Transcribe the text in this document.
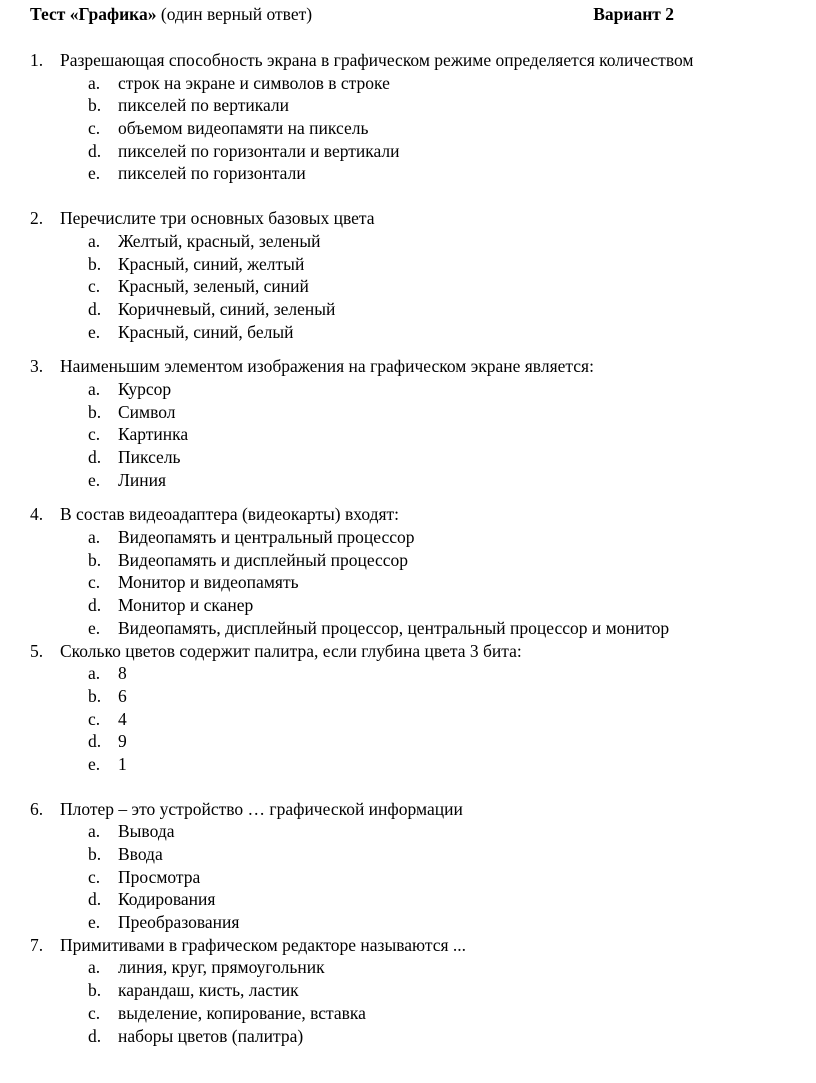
Тест «Графика» (один верный ответ)	Вариант 2
1. Разрешающая способность экрана в графическом режиме определяется количеством
a. строк на экране и символов в строке
b. пикселей по вертикали
c. объемом видеопамяти на пиксель
d. пикселей по горизонтали и вертикали
e. пикселей по горизонтали
2. Перечислите три основных базовых цвета
a. Желтый, красный, зеленый
b. Красный, синий, желтый
c. Красный, зеленый, синий
d. Коричневый, синий, зеленый
e. Красный, синий, белый
3. Наименьшим элементом изображения на графическом экране является:
a. Курсор
b. Символ
c. Картинка
d. Пиксель
e. Линия
4. В состав видеоадаптера (видеокарты) входят:
a. Видеопамять и центральный процессор
b. Видеопамять и дисплейный процессор
c. Монитор и видеопамять
d. Монитор и сканер
e. Видеопамять, дисплейный процессор, центральный процессор и монитор
5. Сколько цветов содержит палитра, если глубина цвета 3 бита:
a. 8
b. 6
c. 4
d. 9
e. 1
6. Плотер – это устройство … графической информации
a. Вывода
b. Ввода
c. Просмотра
d. Кодирования
e. Преобразования
7. Примитивами в графическом редакторе называются ...
a. линия, круг, прямоугольник
b. карандаш, кисть, ластик
c. выделение, копирование, вставка
d. наборы цветов (палитра)
